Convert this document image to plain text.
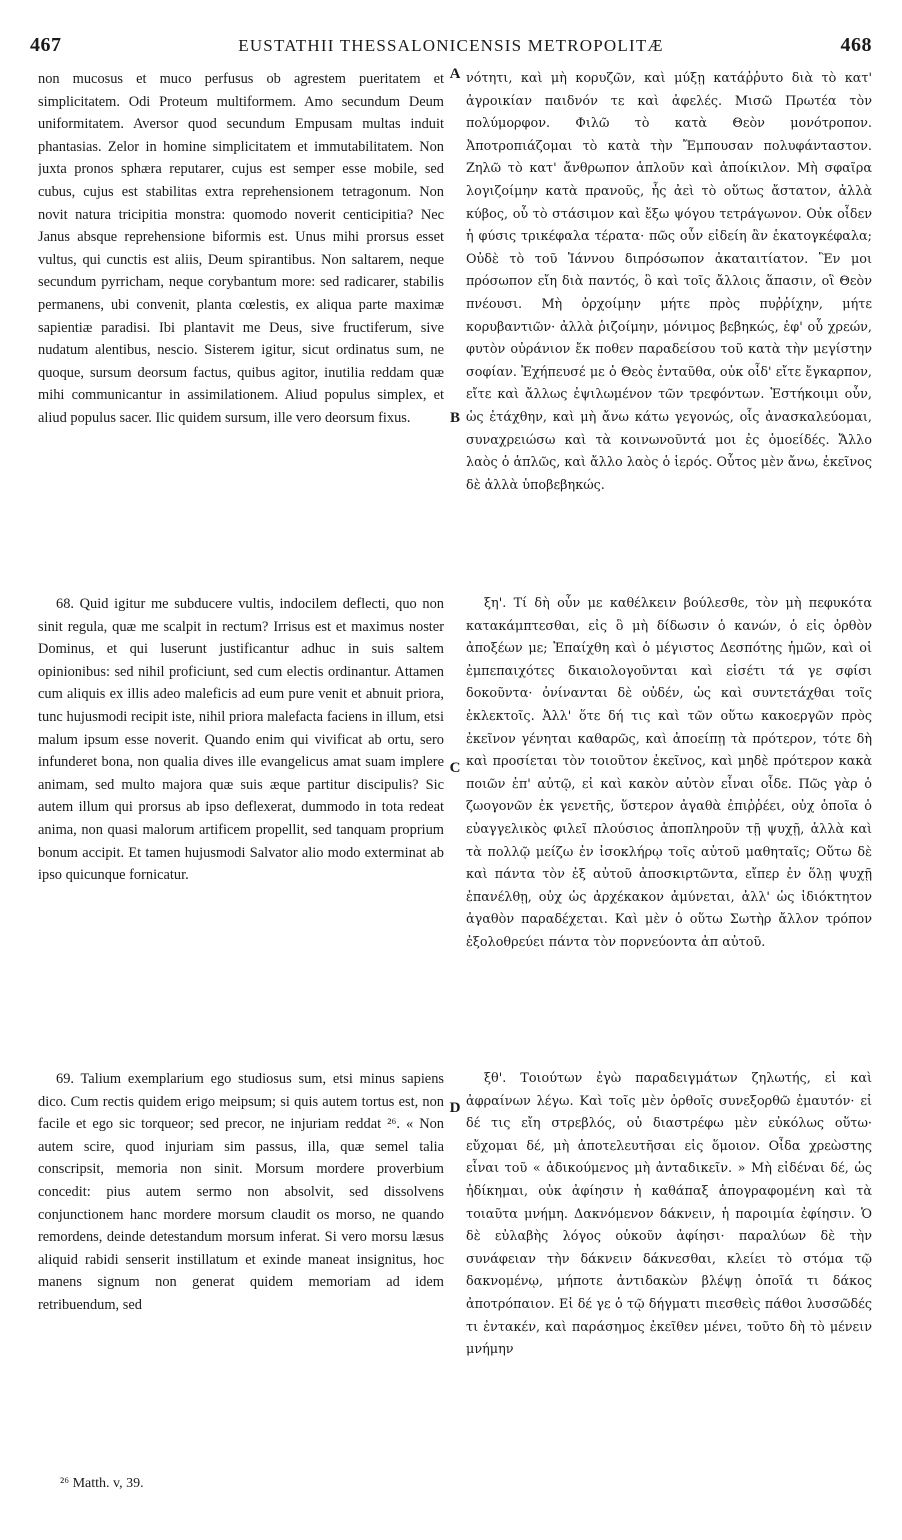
467	EUSTATHII THESSALONICENSIS METROPOLITÆ	468

non mucosus et muco perfusus ob agrestem pueritatem et simplicitatem. Odi Proteum multiformem. Amo secundum Deum uniformitatem. Aversor quod secundum Empusam multas induit phantasias. Zelor in homine simplicitatem et immutabilitatem. Non juxta pronos sphæra reputarer, cujus est semper esse mobile, sed cubus, cujus est stabilitas extra reprehensionem tetragonum. Non novit natura tricipitia monstra: quomodo noverit centicipitia? Nec Janus absque reprehensione biformis est. Unus mihi prorsus esset vultus, qui cunctis est aliis, Deum spirantibus. Non saltarem, neque secundum pyrricham, neque corybantum more: sed radicarer, stabilis permanens, ubi convenit, planta cœlestis, ex aliqua parte maximæ sapientiæ paradisi. Ibi plantavit me Deus, sive fructiferum, sive nudatum alentibus, nescio. Sisterem igitur, sicut ordinatus sum, ne quoque, sursum deorsum factus, quibus agitor, inutilia reddam quæ mihi communicantur in assimilationem. Aliud populus simplex, et aliud populus sacer. Ilic quidem sursum, ille vero deorsum fixus.

68. Quid igitur me subducere vultis, indocilem deflecti, quo non sinit regula, quæ me scalpit in rectum? Irrisus est et maximus noster Dominus, et qui luserunt justificantur adhuc in suis saltem opinionibus: sed nihil proficiunt, sed cum electis ordinantur. Attamen cum aliquis ex illis adeo maleficis ad eum pure venit et abnuit priora, tunc hujusmodi recipit iste, nihil priora malefacta faciens in illum, etsi malum ipsum esse noverit. Quando enim qui vivificat ab ortu, sero infunderet bona, non qualia dives ille evangelicus amat suam implere animam, sed multo majora quæ suis æque partitur discipulis? Sic autem illum qui prorsus ab ipso deflexerat, dummodo in tota redeat anima, non quasi malorum artificem propellit, sed tanquam proprium bonum accipit. Et tamen hujusmodi Salvator alio modo exterminat ab ipso quicunque fornicatur.

69. Talium exemplarium ego studiosus sum, etsi minus sapiens dico. Cum rectis quidem erigo meipsum; si quis autem tortus est, non facile et ego sic torqueor; sed precor, ne injuriam reddat ²⁶. « Non autem scire, quod injuriam sim passus, illa, quæ semel talia conscripsit, memoria non sinit. Morsum mordere proverbium concedit: pius autem sermo non absolvit, sed dissolvens conjunctionem hanc mordere morsum claudit os morso, ne quando remordens, deinde detestandum morsum inferat. Si vero morsu læsus aliquid rabidi senserit instillatum et exinde maneat insignitus, hoc manens signum non generat quidem memoriam ad idem retribuendum, sed

A
B
C
D

νότητι, καὶ μὴ κορυζῶν, καὶ μύξῃ κατάῤῥυτο διὰ τὸ κατ' ἀγροικίαν παιδνόν τε καὶ ἀφελές. Μισῶ Πρωτέα τὸν πολύμορφον. Φιλῶ τὸ κατὰ Θεὸν μονότροπον. Ἀποτροπιάζομαι τὸ κατὰ τὴν Ἔμπουσαν πολυφάνταστον. Ζηλῶ τὸ κατ' ἄνθρωπον ἁπλοῦν καὶ ἀποίκιλον. Μὴ σφαῖρα λογιζοίμην κατὰ πρανοῦς, ἧς ἀεὶ τὸ οὕτως ἄστατον, ἀλλὰ κύβος, οὗ τὸ στάσιμον καὶ ἔξω ψόγου τετράγωνον. Οὐκ οἶδεν ἡ φύσις τρικέφαλα τέρατα· πῶς οὖν εἰδείη ἂν ἑκατογκέφαλα; Οὐδὲ τὸ τοῦ Ἰάννου διπρόσωπον ἀκαταιτίατον. Ἓν μοι πρόσωπον εἴη διὰ παντός, ὃ καὶ τοῖς ἄλλοις ἅπασιν, οἳ Θεὸν πνέουσι. Μὴ ὀρχοίμην μήτε πρὸς πυῤῥίχην, μήτε κορυβαντιῶν· ἀλλὰ ῥιζοίμην, μόνιμος βεβηκώς, ἐφ' οὗ χρεών, φυτὸν οὐράνιον ἔκ ποθεν παραδείσου τοῦ κατὰ τὴν μεγίστην σοφίαν. Ἐχήπευσέ με ὁ Θεὸς ἐνταῦθα, οὐκ οἶδ' εἴτε ἔγκαρπον, εἴτε καὶ ἄλλως ἐψιλωμένον τῶν τρεφόντων. Ἑστήκοιμι οὖν, ὡς ἐτάχθην, καὶ μὴ ἄνω κάτω γεγονώς, οἷς ἀνασκαλεύομαι, συναχρειώσω καὶ τὰ κοινωνοῦντά μοι ἐς ὁμοείδές. Ἄλλο λαὸς ὁ ἁπλῶς, καὶ ἄλλο λαὸς ὁ ἱερός. Οὗτος μὲν ἄνω, ἐκεῖνος δὲ ἀλλὰ ὑποβεβηκώς.

ξη'. Τί δὴ οὖν με καθέλκειν βούλεσθε, τὸν μὴ πεφυκότα κατακάμπτεσθαι, εἰς ὃ μὴ δίδωσιν ὁ κανών, ὁ εἰς ὀρθὸν ἀποξέων με; Ἐπαίχθη καὶ ὁ μέγιστος Δεσπότης ἡμῶν, καὶ οἱ ἐμπεπαιχότες δικαιολογοῦνται καὶ εἰσέτι τά γε σφίσι δοκοῦντα· ὀνίνανται δὲ οὐδέν, ὡς καὶ συντετάχθαι τοῖς ἐκλεκτοῖς. Ἀλλ' ὅτε δή τις καὶ τῶν οὕτω κακοεργῶν πρὸς ἐκεῖνον γένηται καθαρῶς, καὶ ἀποείπῃ τὰ πρότερον, τότε δὴ καὶ προσίεται τὸν τοιοῦτον ἐκεῖνος, καὶ μηδὲ πρότερον κακὰ ποιῶν ἐπ' αὐτῷ, εἰ καὶ κακὸν αὐτὸν εἶναι οἶδε. Πῶς γὰρ ὁ ζωογονῶν ἐκ γενετῆς, ὕστερον ἀγαθὰ ἐπιῤῥέει, οὐχ ὁποῖα ὁ εὐαγγελικὸς φιλεῖ πλούσιος ἀποπληροῦν τῇ ψυχῇ, ἀλλὰ καὶ τὰ πολλῷ μείζω ἐν ἰσοκλήρῳ τοῖς αὐτοῦ μαθηταῖς; Οὕτω δὲ καὶ πάντα τὸν ἐξ αὐτοῦ ἀποσκιρτῶντα, εἴπερ ἐν ὅλῃ ψυχῇ ἐπανέλθῃ, οὐχ ὡς ἀρχέκακον ἀμύνεται, ἀλλ' ὡς ἰδιόκτητον ἀγαθὸν παραδέχεται. Καὶ μὲν ὁ οὕτω Σωτὴρ ἄλλον τρόπον ἐξολοθρεύει πάντα τὸν πορνεύοντα ἀπ αὐτοῦ.

ξθ'. Τοιούτων ἐγὼ παραδειγμάτων ζηλωτής, εἰ καὶ ἀφραίνων λέγω. Καὶ τοῖς μὲν ὀρθοῖς συνεξορθῶ ἐμαυτόν· εἰ δέ τις εἴη στρεβλός, οὐ διαστρέφω μὲν εὐκόλως οὕτω· εὔχομαι δέ, μὴ ἀποτελευτῆσαι εἰς ὅμοιον. Οἶδα χρεὼστης εἶναι τοῦ « ἀδικούμενος μὴ ἀνταδικεῖν. » Μὴ εἰδέναι δέ, ὡς ἠδίκημαι, οὐκ ἀφίησιν ἡ καθάπαξ ἀπογραφομένη καὶ τὰ τοιαῦτα μνήμη. Δακνόμενον δάκνειν, ἡ παροιμία ἐφίησιν. Ὁ δὲ εὐλαβὴς λόγος οὐκοῦν ἀφίησι· παραλύων δὲ τὴν συνάφειαν τὴν δάκνειν δάκνεσθαι, κλείει τὸ στόμα τῷ δακνομένῳ, μήποτε ἀντιδακὼν βλέψῃ ὁποῖά τι δάκος ἀποτρόπαιον. Εἰ δέ γε ὁ τῷ δήγματι πιεσθεὶς πάθοι λυσσῶδές τι ἐντακέν, καὶ παράσημος ἐκεῖθεν μένει, τοῦτο δὴ τὸ μένειν μνήμην

²⁶ Matth. v, 39.
